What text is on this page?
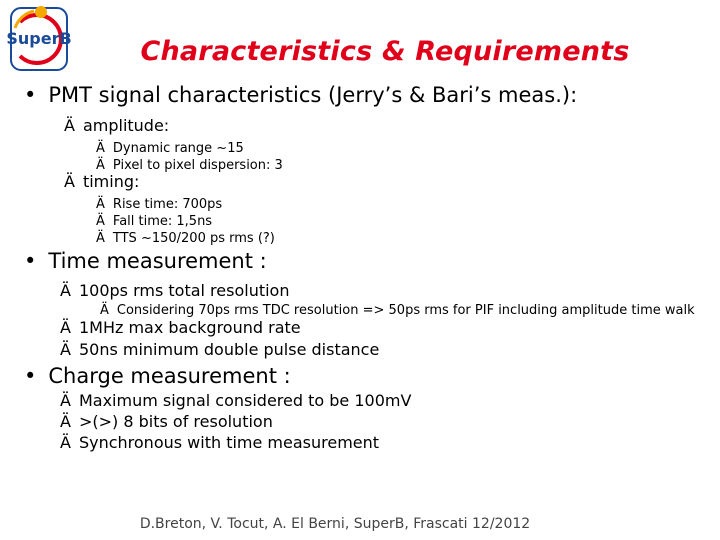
SuperB	Characteristics & Requirements
• PMT signal characteristics (Jerry’s & Bari’s meas.):
Ä amplitude:
Ä Dynamic range ~15
Ä Pixel to pixel dispersion: 3
Ä timing:
Ä Rise time: 700ps
Ä Fall time: 1,5ns
Ä TTS ~150/200 ps rms (?)
• Time measurement :
Ä 100ps rms total resolution
Ä Considering 70ps rms TDC resolution => 50ps rms for PIF including amplitude time walk
Ä 1MHz max background rate
Ä 50ns minimum double pulse distance
• Charge measurement :
Ä Maximum signal considered to be 100mV
Ä >(>) 8 bits of resolution
Ä Synchronous with time measurement
D.Breton, V. Tocut, A. El Berni, SuperB, Frascati 12/2012
